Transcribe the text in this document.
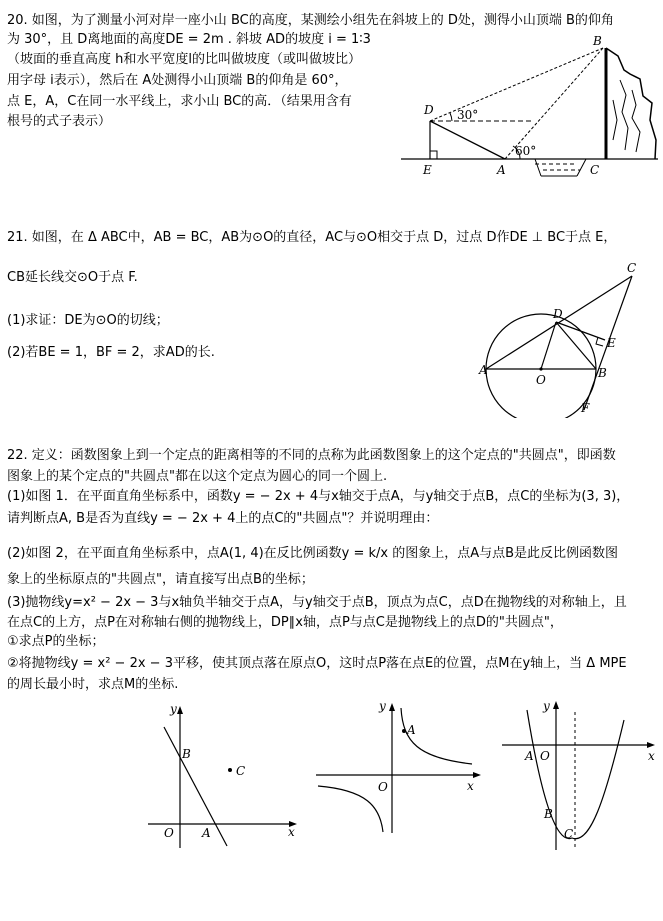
20. 如图，为了测量小河对岸一座小山 BC的高度，某测绘小组先在斜坡上的 D处，测得小山顶端 B的仰角
为 30°，且 D离地面的高度DE = 2m . 斜坡 AD的坡度 i = 1∶3
（坡面的垂直高度 h和水平宽度l的比叫做坡度（或叫做坡比）
用字母 i表示），然后在 A处测得小山顶端 B的仰角是 60°，
点 E，A，C在同一水平线上，求小山 BC的高．（结果用含有
根号的式子表示）
B
D
E	A	C
30°
60°
21. 如图，在 Δ ABC中，AB = BC，AB为⊙O的直径，AC与⊙O相交于点 D，过点 D作DE ⊥ BC于点 E，
CB延长线交⊙O于点 F.
(1)求证：DE为⊙O的切线；
(2)若BE = 1，BF = 2，求AD的长.
A	B
C
D
E
F
O
22. 定义：函数图象上到一个定点的距离相等的不同的点称为此函数图象上的这个定点的"共圆点"，即函数
图象上的某个定点的"共圆点"都在以这个定点为圆心的同一个圆上.
(1)如图 1．在平面直角坐标系中，函数y = − 2x + 4与x轴交于点A，与y轴交于点B，点C的坐标为(3, 3)，
请判断点A, B是否为直线y = − 2x + 4上的点C的"共圆点"？并说明理由：
(2)如图 2，在平面直角坐标系中，点A(1, 4)在反比例函数y = k/x 的图象上，点A与点B是此反比例函数图
象上的坐标原点的"共圆点"，请直接写出点B的坐标；
(3)抛物线y=x² − 2x − 3与x轴负半轴交于点A，与y轴交于点B，顶点为点C，点D在抛物线的对称轴上，且
在点C的上方，点P在对称轴右侧的抛物线上，DP∥x轴，点P与点C是抛物线上的点D的"共圆点"，
①求点P的坐标；
②将抛物线y = x² − 2x − 3平移，使其顶点落在原点O，这时点P落在点E的位置，点M在y轴上，当 Δ MPE
的周长最小时，求点M的坐标.
y
x
O A
B
C
y
x
O
A
y
x
A O
B
C
